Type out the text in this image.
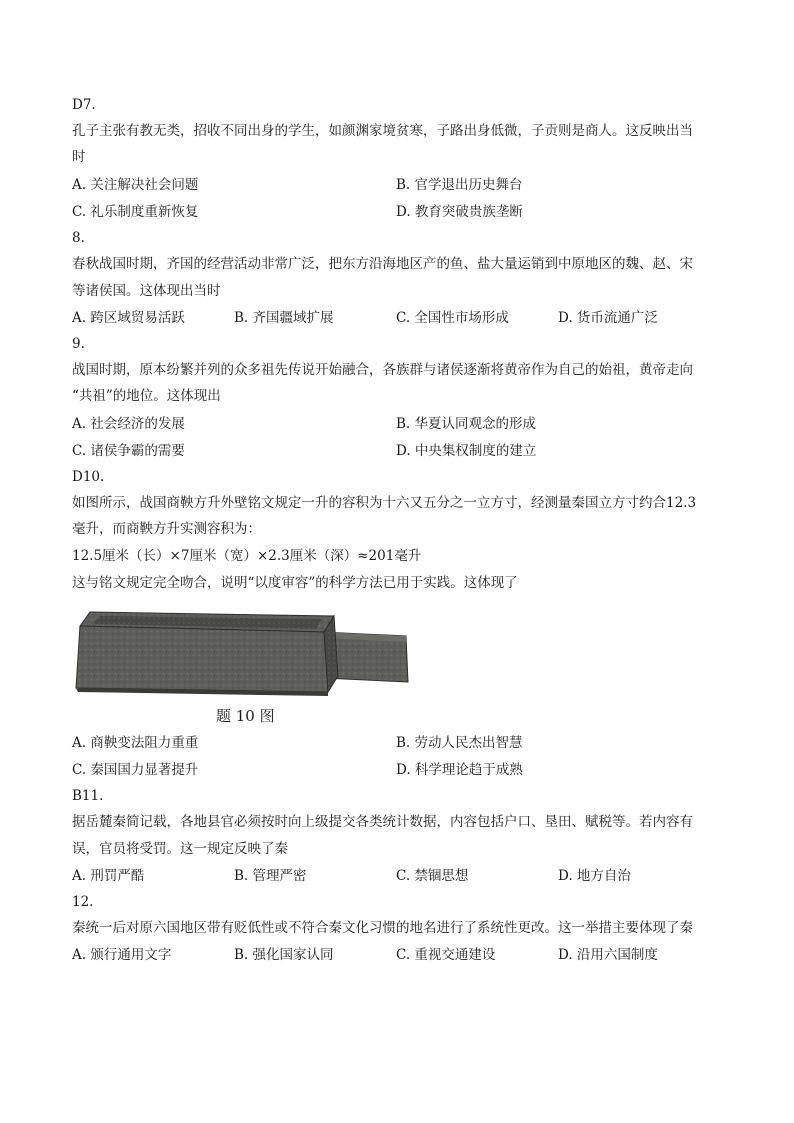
D7.
孔子主张有教无类，招收不同出身的学生，如颜渊家境贫寒，子路出身低微，子贡则是商人。这反映出当
时
A. 关注解决社会问题	B. 官学退出历史舞台
C. 礼乐制度重新恢复	D. 教育突破贵族垄断
8.
春秋战国时期，齐国的经营活动非常广泛，把东方沿海地区产的鱼、盐大量运销到中原地区的魏、赵、宋
等诸侯国。这体现出当时
A. 跨区域贸易活跃	B. 齐国疆域扩展	C. 全国性市场形成	D. 货币流通广泛
9.
战国时期，原本纷繁并列的众多祖先传说开始融合，各族群与诸侯逐渐将黄帝作为自己的始祖，黄帝走向
“共祖”的地位。这体现出
A. 社会经济的发展	B. 华夏认同观念的形成
C. 诸侯争霸的需要	D. 中央集权制度的建立
D10.
如图所示，战国商鞅方升外壁铭文规定一升的容积为十六又五分之一立方寸，经测量秦国立方寸约合12.3
毫升，而商鞅方升实测容积为：
12.5厘米（长）×7厘米（宽）×2.3厘米（深）≈201毫升
这与铭文规定完全吻合，说明“以度审容”的科学方法已用于实践。这体现了
题 10 图
A. 商鞅变法阻力重重	B. 劳动人民杰出智慧
C. 秦国国力显著提升	D. 科学理论趋于成熟
B11.
据岳麓秦简记载，各地县官必须按时向上级提交各类统计数据，内容包括户口、垦田、赋税等。若内容有
误，官员将受罚。这一规定反映了秦
A. 刑罚严酷	B. 管理严密	C. 禁锢思想	D. 地方自治
12.
秦统一后对原六国地区带有贬低性或不符合秦文化习惯的地名进行了系统性更改。这一举措主要体现了秦
A. 颁行通用文字	B. 强化国家认同	C. 重视交通建设	D. 沿用六国制度
